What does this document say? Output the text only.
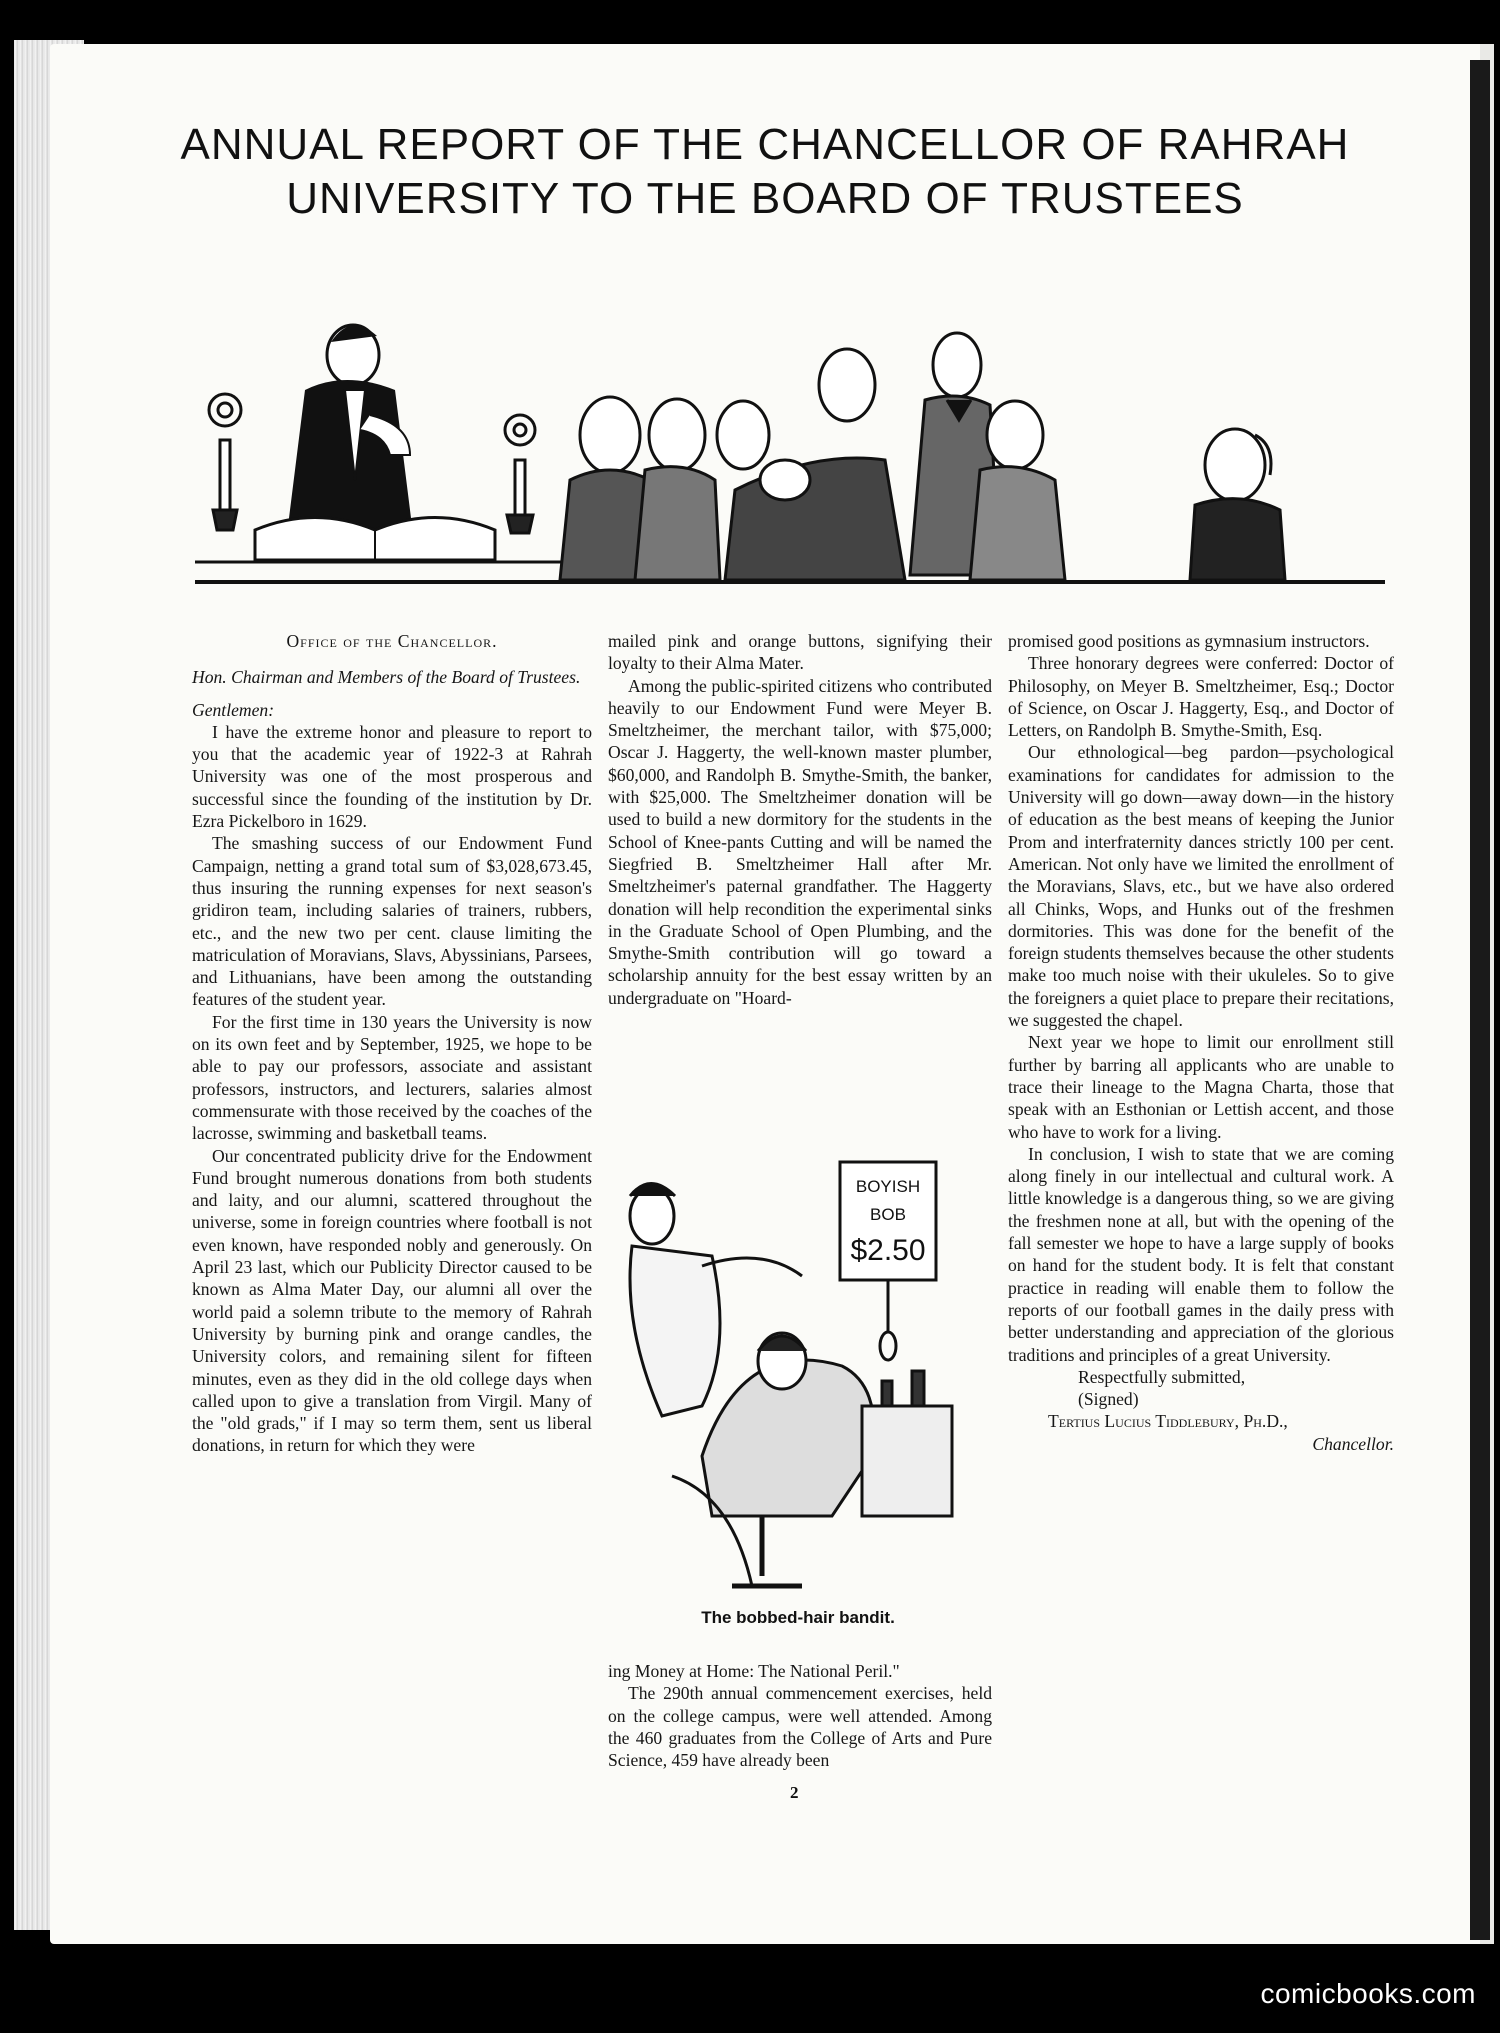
ANNUAL REPORT OF THE CHANCELLOR OF RAHRAH
UNIVERSITY TO THE BOARD OF TRUSTEES

Office of the Chancellor.

Hon. Chairman and Members of the Board of Trustees.

Gentlemen:

I have the extreme honor and pleasure to report to you that the academic year of 1922-3 at Rahrah University was one of the most prosperous and successful since the founding of the institution by Dr. Ezra Pickelboro in 1629.

The smashing success of our Endowment Fund Campaign, netting a grand total sum of $3,028,673.45, thus insuring the running expenses for next season's gridiron team, including salaries of trainers, rubbers, etc., and the new two per cent. clause limiting the matriculation of Moravians, Slavs, Abyssinians, Parsees, and Lithuanians, have been among the outstanding features of the student year.

For the first time in 130 years the University is now on its own feet and by September, 1925, we hope to be able to pay our professors, associate and assistant professors, instructors, and lecturers, salaries almost commensurate with those received by the coaches of the lacrosse, swimming and basketball teams.

Our concentrated publicity drive for the Endowment Fund brought numerous donations from both students and laity, and our alumni, scattered throughout the universe, some in foreign countries where football is not even known, have responded nobly and generously. On April 23 last, which our Publicity Director caused to be known as Alma Mater Day, our alumni all over the world paid a solemn tribute to the memory of Rahrah University by burning pink and orange candles, the University colors, and remaining silent for fifteen minutes, even as they did in the old college days when called upon to give a translation from Virgil. Many of the "old grads," if I may so term them, sent us liberal donations, in return for which they were

mailed pink and orange buttons, signifying their loyalty to their Alma Mater.

Among the public-spirited citizens who contributed heavily to our Endowment Fund were Meyer B. Smeltzheimer, the merchant tailor, with $75,000; Oscar J. Haggerty, the well-known master plumber, $60,000, and Randolph B. Smythe-Smith, the banker, with $25,000. The Smeltzheimer donation will be used to build a new dormitory for the students in the School of Knee-pants Cutting and will be named the Siegfried B. Smeltzheimer Hall after Mr. Smeltzheimer's paternal grandfather. The Haggerty donation will help recondition the experimental sinks in the Graduate School of Open Plumbing, and the Smythe-Smith contribution will go toward a scholarship annuity for the best essay written by an undergraduate on "Hoard-

BOYISH
BOB
$2.50
The bobbed-hair bandit.

ing Money at Home: The National Peril."

The 290th annual commencement exercises, held on the college campus, were well attended. Among the 460 graduates from the College of Arts and Pure Science, 459 have already been

promised good positions as gymnasium instructors.

Three honorary degrees were conferred: Doctor of Philosophy, on Meyer B. Smeltzheimer, Esq.; Doctor of Science, on Oscar J. Haggerty, Esq., and Doctor of Letters, on Randolph B. Smythe-Smith, Esq.

Our ethnological—beg pardon—psychological examinations for candidates for admission to the University will go down—away down—in the history of education as the best means of keeping the Junior Prom and interfraternity dances strictly 100 per cent. American. Not only have we limited the enrollment of the Moravians, Slavs, etc., but we have also ordered all Chinks, Wops, and Hunks out of the freshmen dormitories. This was done for the benefit of the foreign students themselves because the other students make too much noise with their ukuleles. So to give the foreigners a quiet place to prepare their recitations, we suggested the chapel.

Next year we hope to limit our enrollment still further by barring all applicants who are unable to trace their lineage to the Magna Charta, those that speak with an Esthonian or Lettish accent, and those who have to work for a living.

In conclusion, I wish to state that we are coming along finely in our intellectual and cultural work. A little knowledge is a dangerous thing, so we are giving the freshmen none at all, but with the opening of the fall semester we hope to have a large supply of books on hand for the student body. It is felt that constant practice in reading will enable them to follow the reports of our football games in the daily press with better understanding and appreciation of the glorious traditions and principles of a great University.

Respectfully submitted,

(Signed)

Tertius Lucius Tiddlebury, Ph.D.,

Chancellor.

2
comicbooks.com
